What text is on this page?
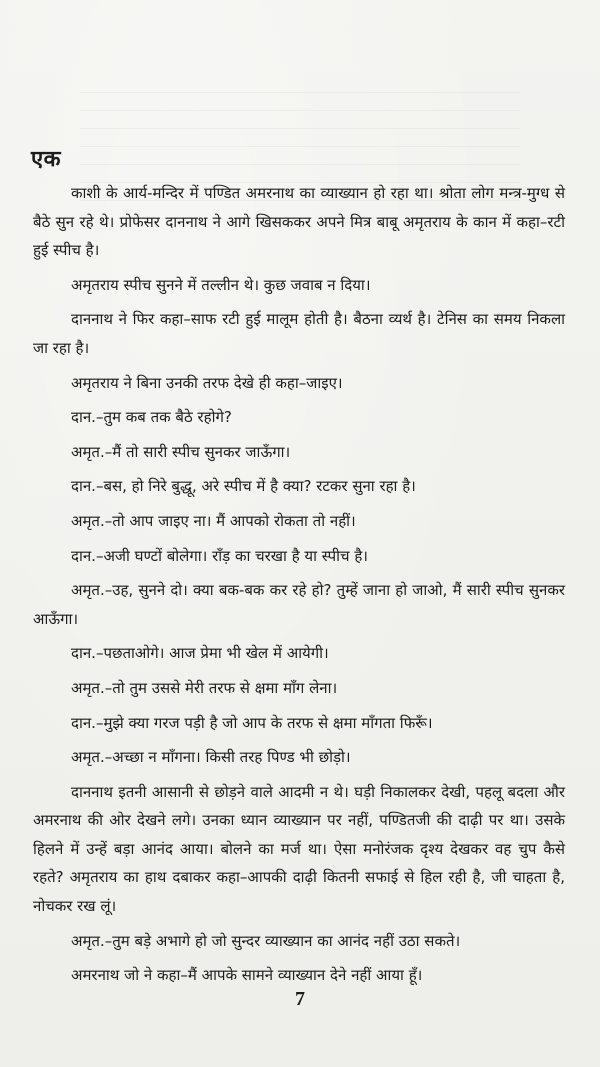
एक

काशी के आर्य-मन्दिर में पण्डित अमरनाथ का व्याख्यान हो रहा था। श्रोता लोग मन्त्र-मुग्ध से बैठे सुन रहे थे। प्रोफेसर दाननाथ ने आगे खिसककर अपने मित्र बाबू अमृतराय के कान में कहा–रटी हुई स्पीच है।

अमृतराय स्पीच सुनने में तल्लीन थे। कुछ जवाब न दिया।

दाननाथ ने फिर कहा–साफ रटी हुई मालूम होती है। बैठना व्यर्थ है। टेनिस का समय निकला जा रहा है।

अमृतराय ने बिना उनकी तरफ देखे ही कहा–जाइए।

दान.–तुम कब तक बैठे रहोगे?

अमृत.–मैं तो सारी स्पीच सुनकर जाऊँगा।

दान.–बस, हो निरे बुद्धू, अरे स्पीच में है क्या? रटकर सुना रहा है।

अमृत.–तो आप जाइए ना। मैं आपको रोकता तो नहीं।

दान.–अजी घण्टों बोलेगा। राँड़ का चरखा है या स्पीच है।

अमृत.–उह, सुनने दो। क्या बक-बक कर रहे हो? तुम्हें जाना हो जाओ, मैं सारी स्पीच सुनकर आऊँगा।

दान.–पछताओगे। आज प्रेमा भी खेल में आयेगी।

अमृत.–तो तुम उससे मेरी तरफ से क्षमा माँग लेना।

दान.–मुझे क्या गरज पड़ी है जो आप के तरफ से क्षमा माँगता फिरूँ।

अमृत.–अच्छा न माँगना। किसी तरह पिण्ड भी छोड़ो।

दाननाथ इतनी आसानी से छोड़ने वाले आदमी न थे। घड़ी निकालकर देखी, पहलू बदला और अमरनाथ की ओर देखने लगे। उनका ध्यान व्याख्यान पर नहीं, पण्डितजी की दाढ़ी पर था। उसके हिलने में उन्हें बड़ा आनंद आया। बोलने का मर्ज था। ऐसा मनोरंजक दृश्य देखकर वह चुप कैसे रहते? अमृतराय का हाथ दबाकर कहा–आपकी दाढ़ी कितनी सफाई से हिल रही है, जी चाहता है, नोचकर रख लूं।

अमृत.–तुम बड़े अभागे हो जो सुन्दर व्याख्यान का आनंद नहीं उठा सकते।

अमरनाथ जो ने कहा–मैं आपके सामने व्याख्यान देने नहीं आया हूँ।

7
